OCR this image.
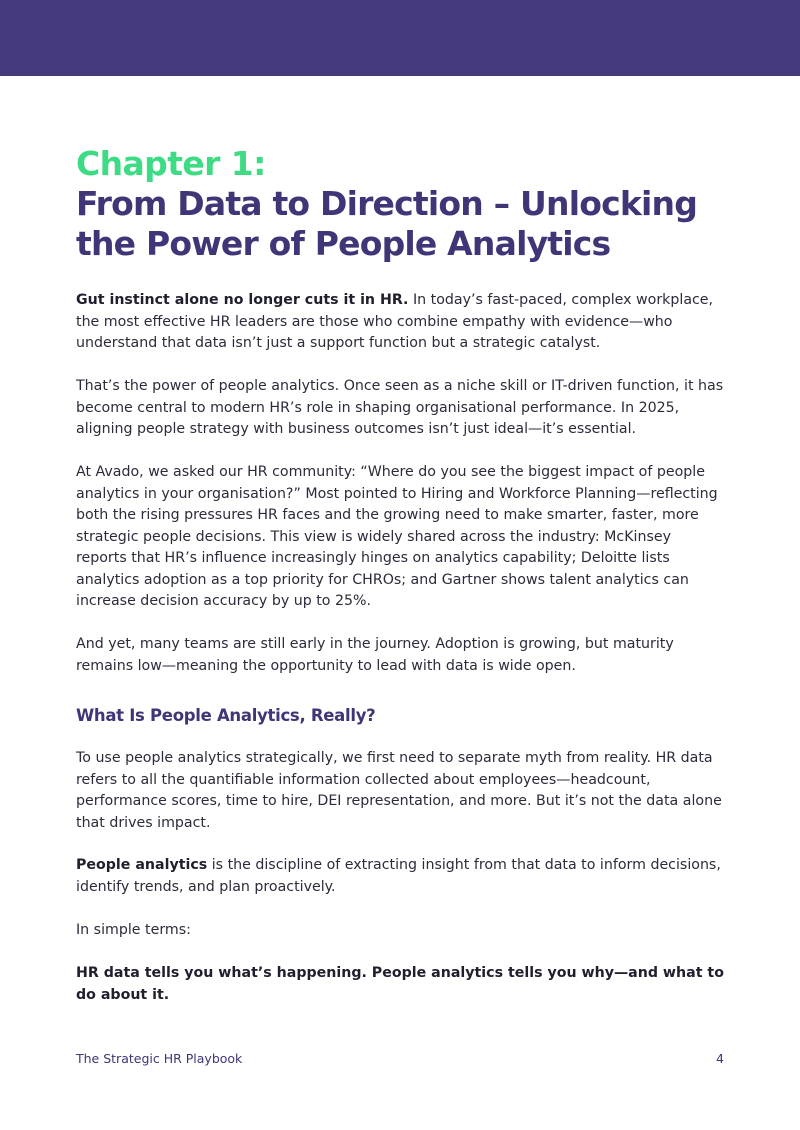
Chapter 1:
From Data to Direction – Unlocking
the Power of People Analytics

Gut instinct alone no longer cuts it in HR. In today’s fast-paced, complex workplace, the most effective HR leaders are those who combine empathy with evidence—who understand that data isn’t just a support function but a strategic catalyst.

That’s the power of people analytics. Once seen as a niche skill or IT-driven function, it has become central to modern HR’s role in shaping organisational performance. In 2025, aligning people strategy with business outcomes isn’t just ideal—it’s essential.

At Avado, we asked our HR community: “Where do you see the biggest impact of people analytics in your organisation?” Most pointed to Hiring and Workforce Planning—reflecting both the rising pressures HR faces and the growing need to make smarter, faster, more strategic people decisions. This view is widely shared across the industry: McKinsey reports that HR’s influence increasingly hinges on analytics capability; Deloitte lists analytics adoption as a top priority for CHROs; and Gartner shows talent analytics can increase decision accuracy by up to 25%.

And yet, many teams are still early in the journey. Adoption is growing, but maturity remains low—meaning the opportunity to lead with data is wide open.

What Is People Analytics, Really?

To use people analytics strategically, we first need to separate myth from reality. HR data refers to all the quantifiable information collected about employees—headcount, performance scores, time to hire, DEI representation, and more. But it’s not the data alone that drives impact.

People analytics is the discipline of extracting insight from that data to inform decisions, identify trends, and plan proactively.

In simple terms:

HR data tells you what’s happening. People analytics tells you why—and what to do about it.

The Strategic HR Playbook	4
